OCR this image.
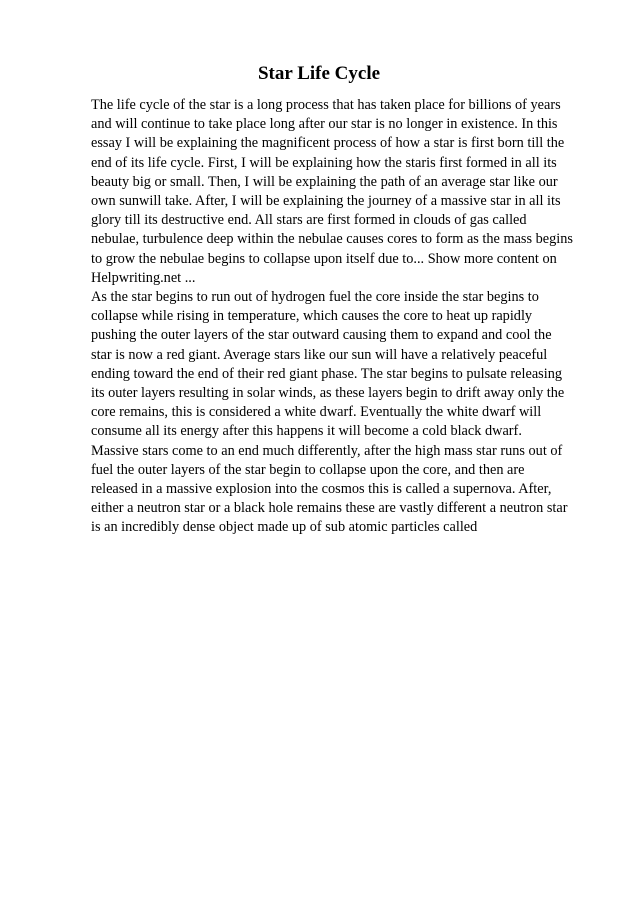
Star Life Cycle
The life cycle of the star is a long process that has taken place for billions of years
and will continue to take place long after our star is no longer in existence. In this
essay I will be explaining the magnificent process of how a star is first born till the
end of its life cycle. First, I will be explaining how the staris first formed in all its
beauty big or small. Then, I will be explaining the path of an average star like our
own sunwill take. After, I will be explaining the journey of a massive star in all its
glory till its destructive end. All stars are first formed in clouds of gas called
nebulae, turbulence deep within the nebulae causes cores to form as the mass begins
to grow the nebulae begins to collapse upon itself due to... Show more content on
Helpwriting.net ...
As the star begins to run out of hydrogen fuel the core inside the star begins to
collapse while rising in temperature, which causes the core to heat up rapidly
pushing the outer layers of the star outward causing them to expand and cool the
star is now a red giant. Average stars like our sun will have a relatively peaceful
ending toward the end of their red giant phase. The star begins to pulsate releasing
its outer layers resulting in solar winds, as these layers begin to drift away only the
core remains, this is considered a white dwarf. Eventually the white dwarf will
consume all its energy after this happens it will become a cold black dwarf.
Massive stars come to an end much differently, after the high mass star runs out of
fuel the outer layers of the star begin to collapse upon the core, and then are
released in a massive explosion into the cosmos this is called a supernova. After,
either a neutron star or a black hole remains these are vastly different a neutron star
is an incredibly dense object made up of sub atomic particles called
